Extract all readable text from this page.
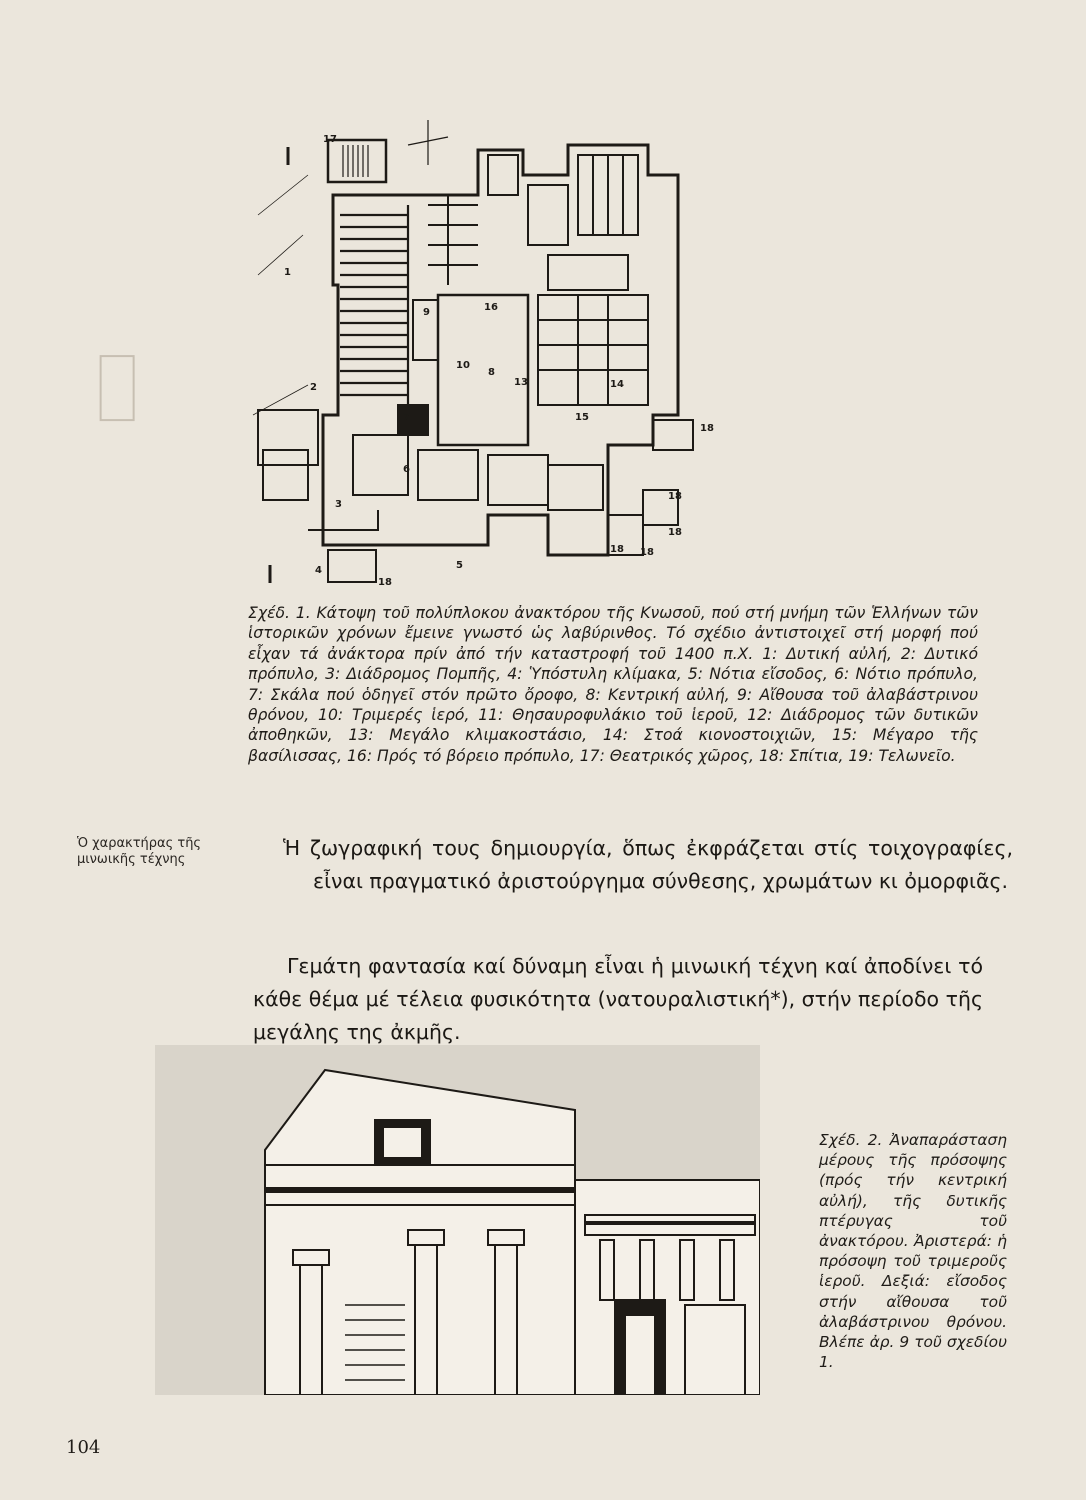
1
2
3
4	5
6
7
8
9
10
13	14
15
16
17
18
18
18
18 18
18
Σχέδ. 1. Κάτοψη τοῦ πολύπλοκου ἀνακτόρου τῆς Κνωσοῦ, πού στή μνήμη τῶν Ἑλλήνων τῶν ἱστορικῶν χρόνων ἔμεινε γνωστό ὡς λαβύρινθος. Τό σχέδιο ἀντιστοιχεῖ στή μορφή πού εἶχαν τά ἀνάκτορα πρίν ἀπό τήν καταστροφή τοῦ 1400 π.Χ. 1: Δυτική αὐλή, 2: Δυτικό πρόπυλο, 3: Διάδρομος Πομπῆς, 4: Ὑπόστυλη κλίμακα, 5: Νότια εἴσοδος, 6: Νότιο πρόπυλο, 7: Σκάλα πού ὁδηγεῖ στόν πρῶτο ὄροφο, 8: Κεντρική αὐλή, 9: Αἴθουσα τοῦ ἀλαβάστρινου θρόνου, 10: Τριμερές ἱερό, 11: Θησαυροφυλάκιο τοῦ ἱεροῦ, 12: Διάδρομος τῶν δυτικῶν ἀποθηκῶν, 13: Μεγάλο κλιμακοστάσιο, 14: Στοά κιονοστοιχιῶν, 15: Μέγαρο τῆς βασίλισσας, 16: Πρός τό βόρειο πρόπυλο, 17: Θεατρικός χῶρος, 18: Σπίτια, 19: Τελωνεῖο.
Ὁ χαρακτήρας τῆς μινωικῆς τέχνης	Ἡ ζωγραφική τους δημιουργία, ὅπως ἐκφράζεται στίς τοιχογραφίες, εἶναι πραγματικό ἀριστούργημα σύνθεσης, χρωμάτων κι ὀμορφιᾶς.
Γεμάτη φαντασία καί δύναμη εἶναι ἡ μινωική τέχνη καί ἀποδίνει τό κάθε θέμα μέ τέλεια φυσικότητα (νατουραλιστική*), στήν περίοδο τῆς μεγάλης της ἀκμῆς.
Σχέδ. 2. Ἀναπαράσταση μέρους τῆς πρόσοψης (πρός τήν κεντρική αὐλή), τῆς δυτικῆς πτέρυγας τοῦ ἀνακτόρου. Ἀριστερά: ἡ πρόσοψη τοῦ τριμεροῦς ἱεροῦ. Δεξιά: εἴσοδος στήν αἴθουσα τοῦ ἀλαβάστρινου θρόνου. Βλέπε ἀρ. 9 τοῦ σχεδίου 1.
104
